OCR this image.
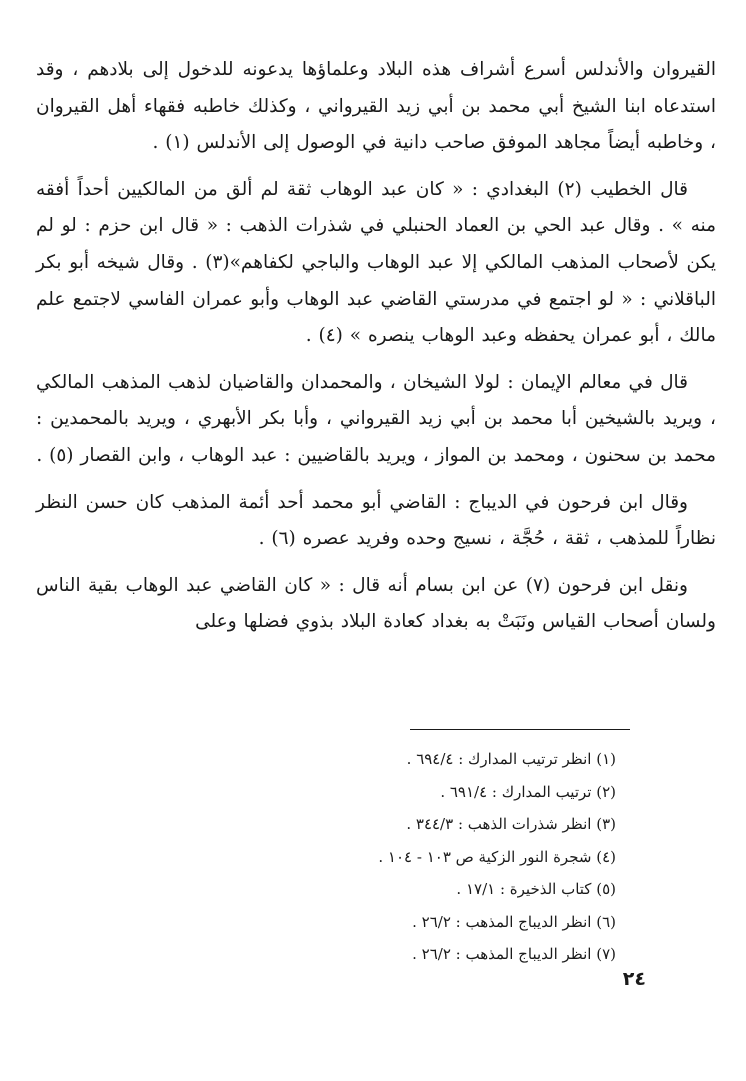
القيروان والأندلس أسرع أشراف هذه البلاد وعلماؤها يدعونه للدخول إلى بلادهم ، وقد استدعاه ابنا الشيخ أبي محمد بن أبي زيد القيرواني ، وكذلك خاطبه فقهاء أهل القيروان ، وخاطبه أيضاً مجاهد الموفق صاحب دانية في الوصول إلى الأندلس (١) .

قال الخطيب (٢) البغدادي : « كان عبد الوهاب ثقة لم ألق من المالكيين أحداً أفقه منه » . وقال عبد الحي بن العماد الحنبلي في شذرات الذهب : « قال ابن حزم : لو لم يكن لأصحاب المذهب المالكي إلا عبد الوهاب والباجي لكفاهم»(٣) . وقال شيخه أبو بكر الباقلاني : « لو اجتمع في مدرستي القاضي عبد الوهاب وأبو عمران الفاسي لاجتمع علم مالك ، أبو عمران يحفظه وعبد الوهاب ينصره » (٤) .

قال في معالم الإيمان : لولا الشيخان ، والمحمدان والقاضيان لذهب المذهب المالكي ، ويريد بالشيخين أبا محمد بن أبي زيد القيرواني ، وأبا بكر الأبهري ، ويريد بالمحمدين : محمد بن سحنون ، ومحمد بن المواز ، ويريد بالقاضيين : عبد الوهاب ، وابن القصار (٥) .

وقال ابن فرحون في الديباج : القاضي أبو محمد أحد أئمة المذهب كان حسن النظر نظاراً للمذهب ، ثقة ، حُجَّة ، نسيج وحده وفريد عصره (٦) .

ونقل ابن فرحون (٧) عن ابن بسام أنه قال : « كان القاضي عبد الوهاب بقية الناس ولسان أصحاب القياس ونَبَتْ به بغداد كعادة البلاد بذوي فضلها وعلى

(١) انظر ترتيب المدارك : ٦٩٤/٤ .

(٢) ترتيب المدارك : ٦٩١/٤ .

(٣) انظر شذرات الذهب : ٣٤٤/٣ .

(٤) شجرة النور الزكية ص ١٠٣ - ١٠٤ .

(٥) كتاب الذخيرة : ١٧/١ .

(٦) انظر الديباج المذهب : ٢٦/٢ .

(٧) انظر الديباج المذهب : ٢٦/٢ .

٢٤
